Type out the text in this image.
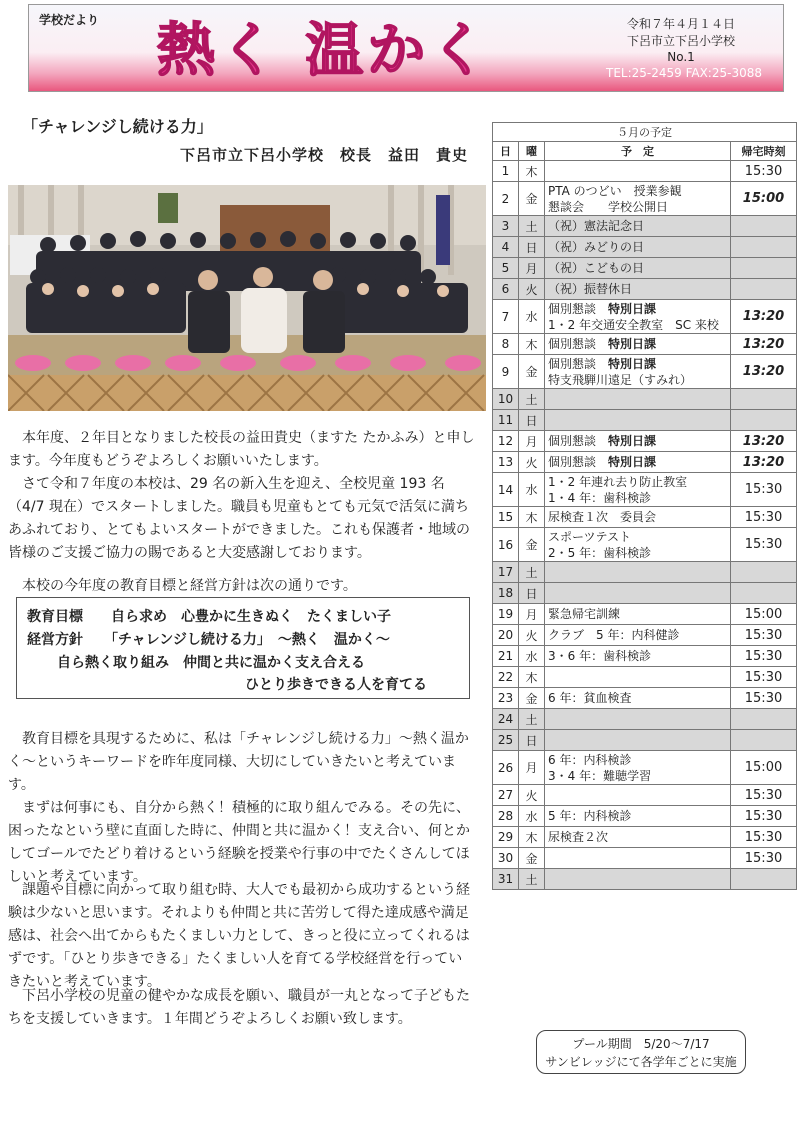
学校だより 熱く 温かく	令和７年４月１４日
下呂市立下呂小学校
No.1
TEL:25-2459 FAX:25-3088
「チャレンジし続ける力」
下呂市立下呂小学校　校長　益田　貴史

本年度、２年目となりました校長の益田貴史（ますた たかふみ）と申します。今年度もどうぞよろしくお願いいたします。

さて令和７年度の本校は、29 名の新入生を迎え、全校児童 193 名（4/7 現在）でスタートしました。職員も児童もとても元気で活気に満ちあふれており、とてもよいスタートができました。これも保護者・地域の皆様のご支援ご協力の賜であると大変感謝しております。

本校の今年度の教育目標と経営方針は次の通りです。

教育目標　　自ら求め　心豊かに生きぬく　たくましい子
経営方針　　「チャレンジし続ける力」　～熱く　温かく～
自ら熱く取り組み　仲間と共に温かく支え合える
ひとり歩きできる人を育てる

教育目標を具現するために、私は「チャレンジし続ける力」～熱く温かく～というキーワードを昨年度同様、大切にしていきたいと考えています。

まずは何事にも、自分から熱く！積極的に取り組んでみる。その先に、困ったなという壁に直面した時に、仲間と共に温かく！支え合い、何とかしてゴールでたどり着けるという経験を授業や行事の中でたくさんしてほしいと考えています。

課題や目標に向かって取り組む時、大人でも最初から成功するという経験は少ないと思います。それよりも仲間と共に苦労して得た達成感や満足感は、社会へ出てからもたくましい力として、きっと役に立ってくれるはずです。「ひとり歩きできる」たくましい人を育てる学校経営を行っていきたいと考えています。

下呂小学校の児童の健やかな成長を願い、職員が一丸となって子どもたちを支援していきます。１年間どうぞよろしくお願い致します。

５月の予定			
日	曜	予　定	帰宅時刻
1	木		15:30
2	金	PTA のつどい　授業参観
懇談会　　学校公開日	15:00
3	土	（祝）憲法記念日	

4	日	（祝）みどりの日	

5	月	（祝）こどもの日	

6	火	（祝）振替休日	

7	水	個別懇談　特別日課
1・2 年交通安全教室　SC 来校	13:20
8	木	個別懇談　特別日課	13:20
9	金	個別懇談　特別日課
特支飛騨川遠足（すみれ）	13:20
10	土	

11	日	

12	月	個別懇談　特別日課	13:20
13	火	個別懇談　特別日課	13:20
14	水	1・2 年連れ去り防止教室
1・4 年：歯科検診	15:30
15	木	尿検査１次　委員会	15:30
16	金	スポーツテスト
2・5 年：歯科検診	15:30
17	土	

18	日	

19	月	緊急帰宅訓練	15:00
20	火	クラブ　5 年：内科健診	15:30
21	水	3・6 年：歯科検診	15:30
22	木		15:30
23	金	6 年：貧血検査	15:30
24	土	

25	日	

26	月	6 年：内科検診
3・4 年：難聴学習	15:00
27	火		15:30
28	水	5 年：内科検診	15:30
29	木	尿検査２次	15:30
30	金		15:30
31	土	

プール期間　5/20～7/17
サンビレッジにて各学年ごとに実施
